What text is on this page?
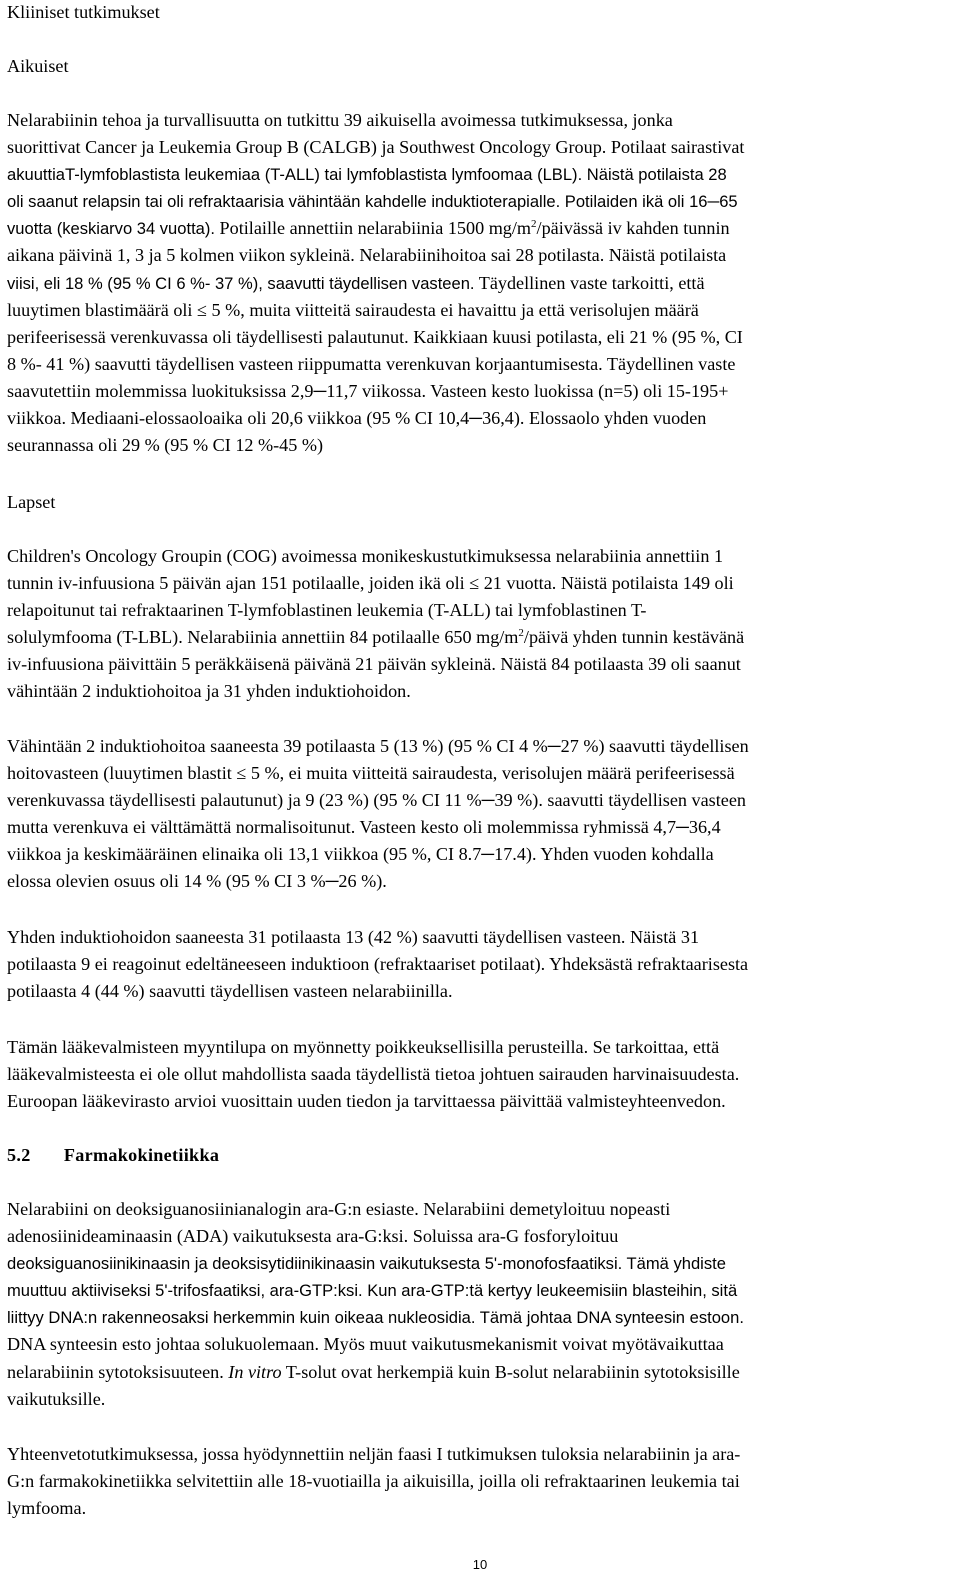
Kliiniset tutkimukset
Aikuiset
Nelarabiinin tehoa ja turvallisuutta on tutkittu 39 aikuisella avoimessa tutkimuksessa, jonka
suorittivat Cancer ja Leukemia Group B (CALGB) ja Southwest Oncology Group. Potilaat sairastivat
akuuttiaT-lymfoblastista leukemiaa (T-ALL) tai lymfoblastista lymfoomaa (LBL). Näistä potilaista 28
oli saanut relapsin tai oli refraktaarisia vähintään kahdelle induktioterapialle. Potilaiden ikä oli 16─65
vuotta (keskiarvo 34 vuotta). Potilaille annettiin nelarabiinia 1500 $mg/m^2$/päivässä iv kahden tunnin
aikana päivinä 1, 3 ja 5 kolmen viikon sykleinä. Nelarabiinihoitoa sai 28 potilasta. Näistä potilaista
viisi, eli 18 % (95 % CI 6 %- 37 %), saavutti täydellisen vasteen. Täydellinen vaste tarkoitti, että
luuytimen blastimäärä oli ≤ 5 %, muita viitteitä sairaudesta ei havaittu ja että verisolujen määrä
perifeerisessä verenkuvassa oli täydellisesti palautunut. Kaikkiaan kuusi potilasta, eli 21 % (95 %, CI
8 %- 41 %) saavutti täydellisen vasteen riippumatta verenkuvan korjaantumisesta. Täydellinen vaste
saavutettiin molemmissa luokituksissa 2,9─11,7 viikossa. Vasteen kesto luokissa (n=5) oli 15-195+
viikkoa. Mediaani-elossaoloaika oli 20,6 viikkoa (95 % CI 10,4─36,4). Elossaolo yhden vuoden
seurannassa oli 29 % (95 % CI 12 %-45 %)
Lapset
Children's Oncology Groupin (COG) avoimessa monikeskustutkimuksessa nelarabiinia annettiin 1
tunnin iv-infuusiona 5 päivän ajan 151 potilaalle, joiden ikä oli ≤ 21 vuotta. Näistä potilaista 149 oli
relapoitunut tai refraktaarinen T-lymfoblastinen leukemia (T-ALL) tai lymfoblastinen T-
solulymfooma (T-LBL). Nelarabiinia annettiin 84 potilaalle 650 $mg/m^2$/päivä yhden tunnin kestävänä
iv-infuusiona päivittäin 5 peräkkäisenä päivänä 21 päivän sykleinä. Näistä 84 potilaasta 39 oli saanut
vähintään 2 induktiohoitoa ja 31 yhden induktiohoidon.
Vähintään 2 induktiohoitoa saaneesta 39 potilaasta 5 (13 %) (95 % CI 4 %─27 %) saavutti täydellisen
hoitovasteen (luuytimen blastit ≤ 5 %, ei muita viitteitä sairaudesta, verisolujen määrä perifeerisessä
verenkuvassa täydellisesti palautunut) ja 9 (23 %) (95 % CI 11 %─39 %). saavutti täydellisen vasteen
mutta verenkuva ei välttämättä normalisoitunut. Vasteen kesto oli molemmissa ryhmissä 4,7─36,4
viikkoa ja keskimääräinen elinaika oli 13,1 viikkoa (95 %, CI 8.7─17.4). Yhden vuoden kohdalla
elossa olevien osuus oli 14 % (95 % CI 3 %─26 %).
Yhden induktiohoidon saaneesta 31 potilaasta 13 (42 %) saavutti täydellisen vasteen. Näistä 31
potilaasta 9 ei reagoinut edeltäneeseen induktioon (refraktaariset potilaat). Yhdeksästä refraktaarisesta
potilaasta 4 (44 %) saavutti täydellisen vasteen nelarabiinilla.
Tämän lääkevalmisteen myyntilupa on myönnetty poikkeuksellisilla perusteilla. Se tarkoittaa, että
lääkevalmisteesta ei ole ollut mahdollista saada täydellistä tietoa johtuen sairauden harvinaisuudesta.
Euroopan lääkevirasto arvioi vuosittain uuden tiedon ja tarvittaessa päivittää valmisteyhteenvedon.
5.2 Farmakokinetiikka
Nelarabiini on deoksiguanosiinianalogin ara-G:n esiaste. Nelarabiini demetyloituu nopeasti
adenosiinideaminaasin (ADA) vaikutuksesta ara-G:ksi. Soluissa ara-G fosforyloituu
deoksiguanosiinikinaasin ja deoksisytidiinikinaasin vaikutuksesta 5'-monofosfaatiksi. Tämä yhdiste
muuttuu aktiiviseksi 5'-trifosfaatiksi, ara-GTP:ksi. Kun ara-GTP:tä kertyy leukeemisiin blasteihin, sitä
liittyy DNA:n rakenneosaksi herkemmin kuin oikeaa nukleosidia. Tämä johtaa DNA synteesin estoon.
DNA synteesin esto johtaa solukuolemaan. Myös muut vaikutusmekanismit voivat myötävaikuttaa
nelarabiinin sytotoksisuuteen. In vitro T-solut ovat herkempiä kuin B-solut nelarabiinin sytotoksisille
vaikutuksille.
Yhteenvetotutkimuksessa, jossa hyödynnettiin neljän faasi I tutkimuksen tuloksia nelarabiinin ja ara-
G:n farmakokinetiikka selvitettiin alle 18-vuotiailla ja aikuisilla, joilla oli refraktaarinen leukemia tai
lymfooma.
10
